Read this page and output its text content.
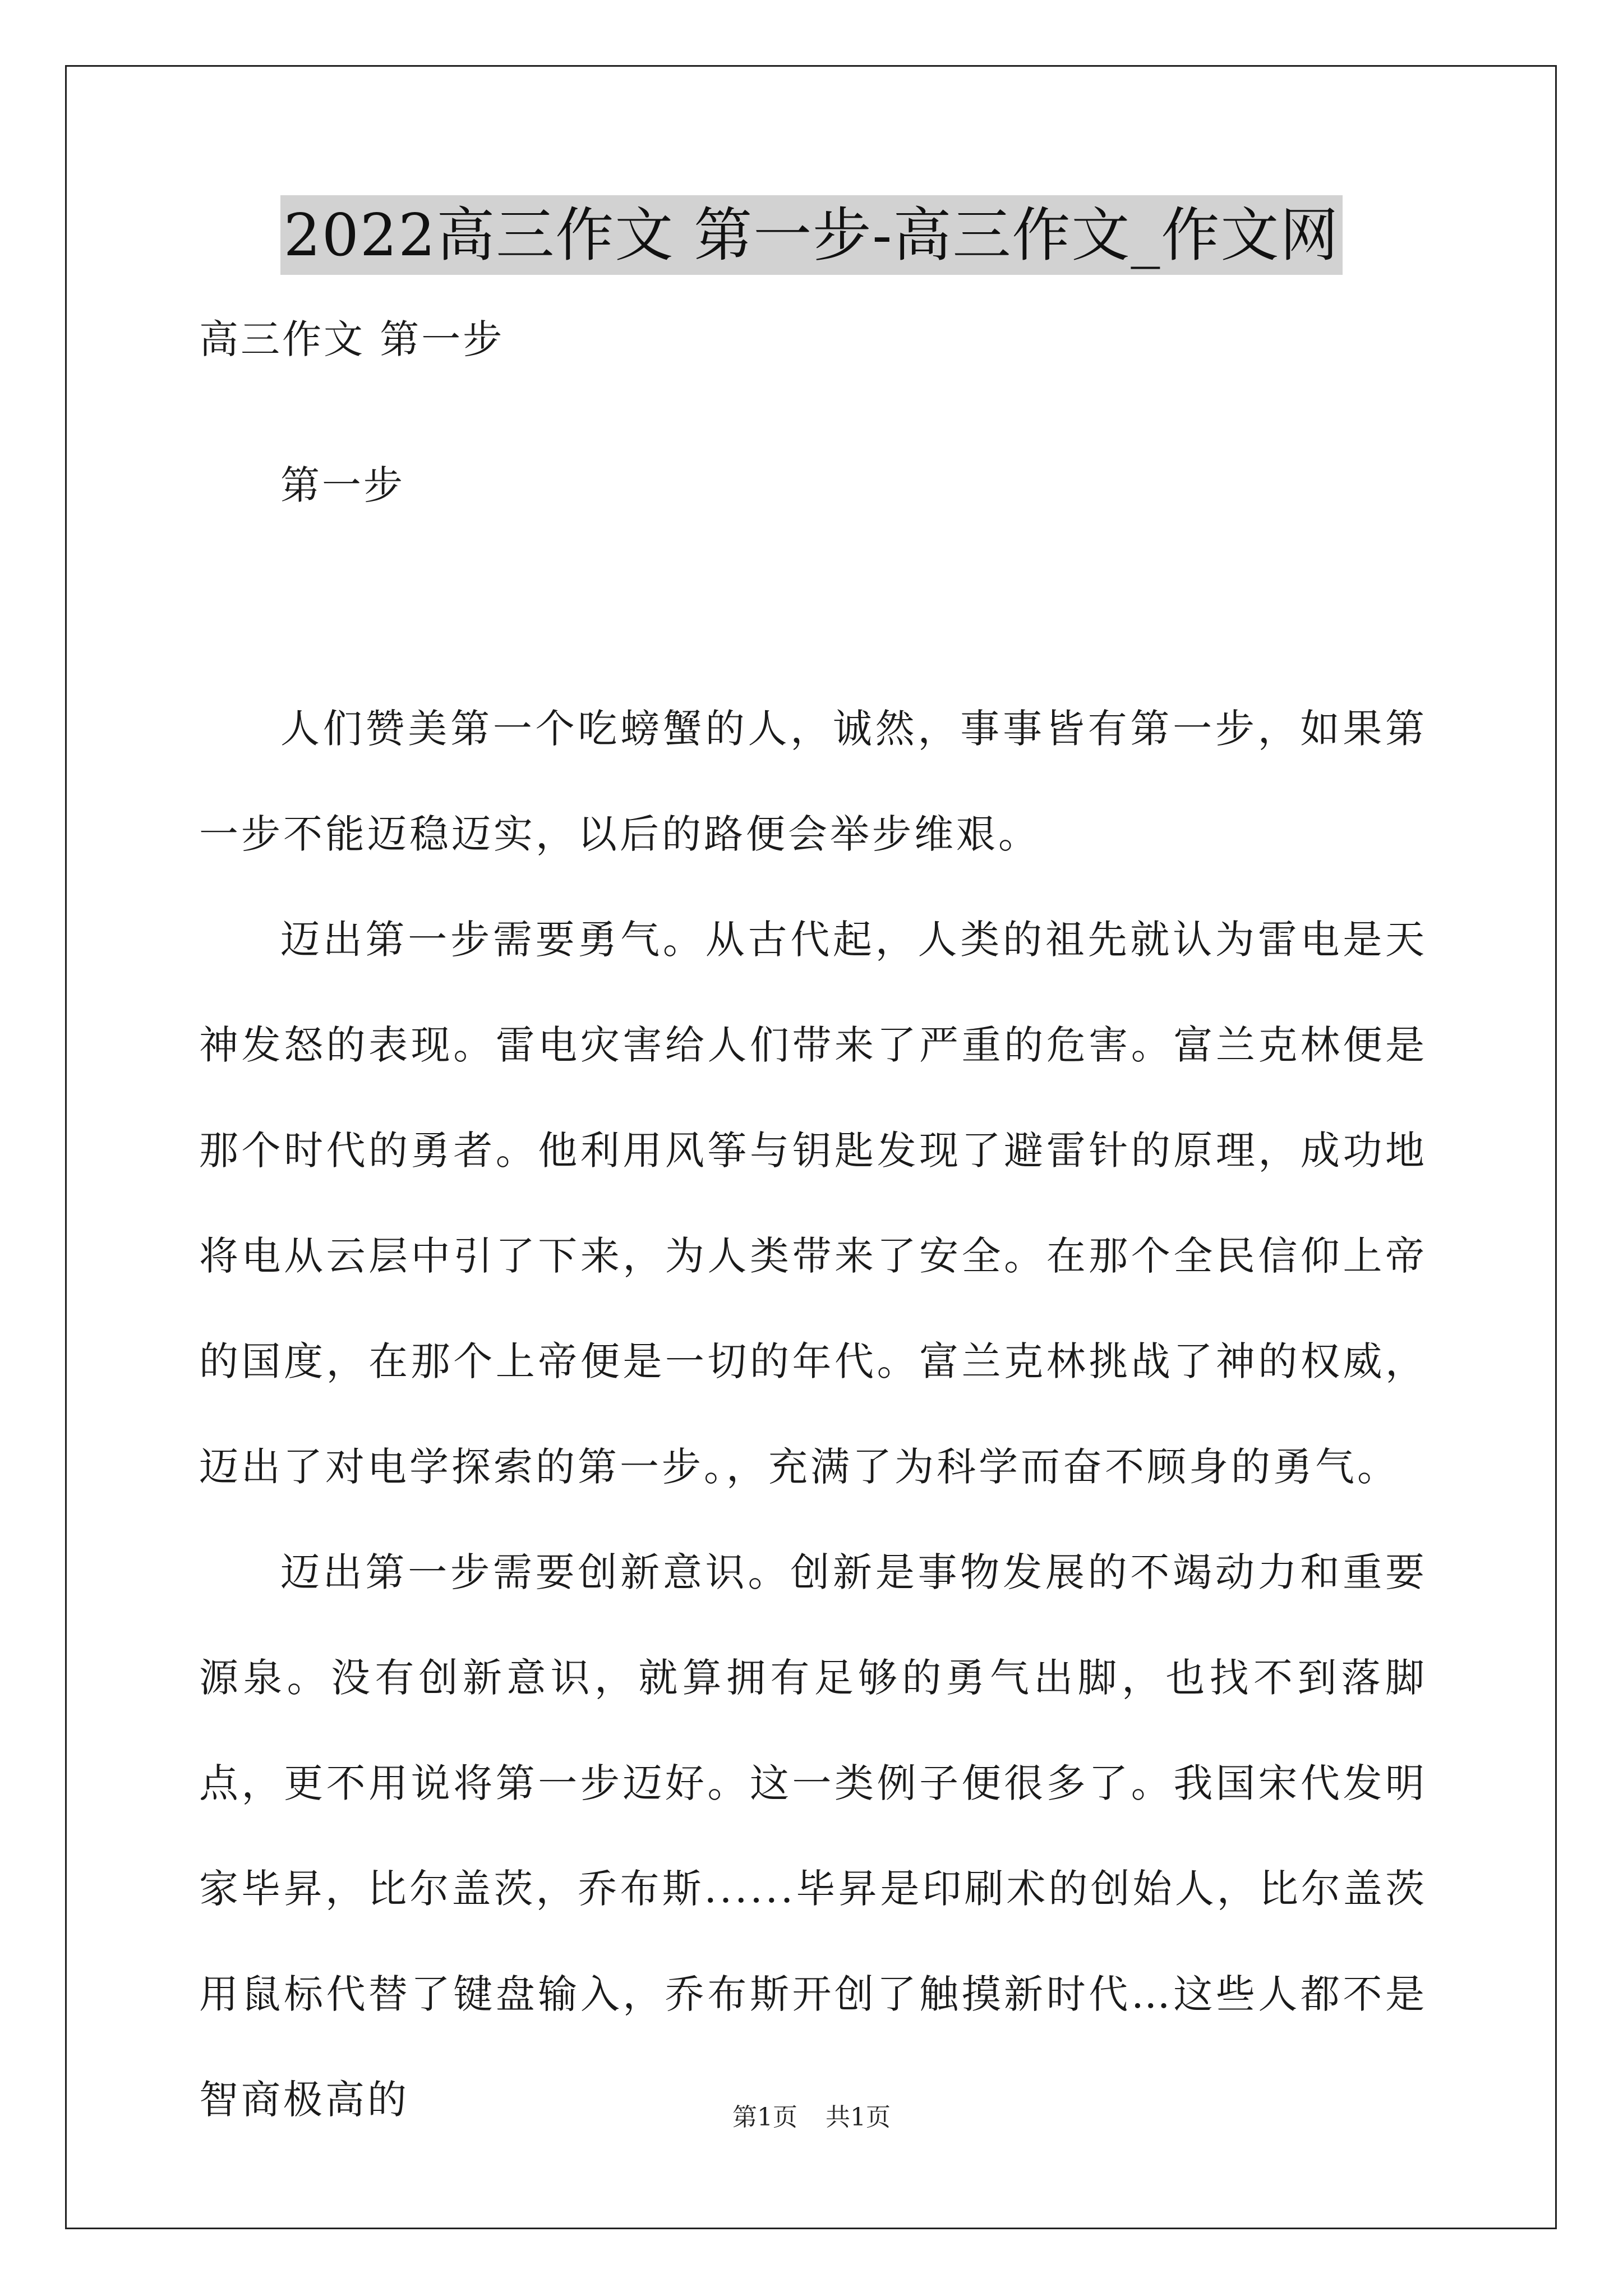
2022高三作文 第一步-高三作文_作文网
高三作文 第一步
第一步

人们赞美第一个吃螃蟹的人，诚然，事事皆有第一步，如果第一步不能迈稳迈实，以后的路便会举步维艰。

迈出第一步需要勇气。从古代起，人类的祖先就认为雷电是天神发怒的表现。雷电灾害给人们带来了严重的危害。富兰克林便是那个时代的勇者。他利用风筝与钥匙发现了避雷针的原理，成功地将电从云层中引了下来，为人类带来了安全。在那个全民信仰上帝的国度，在那个上帝便是一切的年代。富兰克林挑战了神的权威，迈出了对电学探索的第一步。，充满了为科学而奋不顾身的勇气。

迈出第一步需要创新意识。创新是事物发展的不竭动力和重要源泉。没有创新意识，就算拥有足够的勇气出脚，也找不到落脚点，更不用说将第一步迈好。这一类例子便很多了。我国宋代发明家毕昇，比尔盖茨，乔布斯......毕昇是印刷术的创始人，比尔盖茨用鼠标代替了键盘输入，乔布斯开创了触摸新时代…这些人都不是智商极高的	第1页 共1页
